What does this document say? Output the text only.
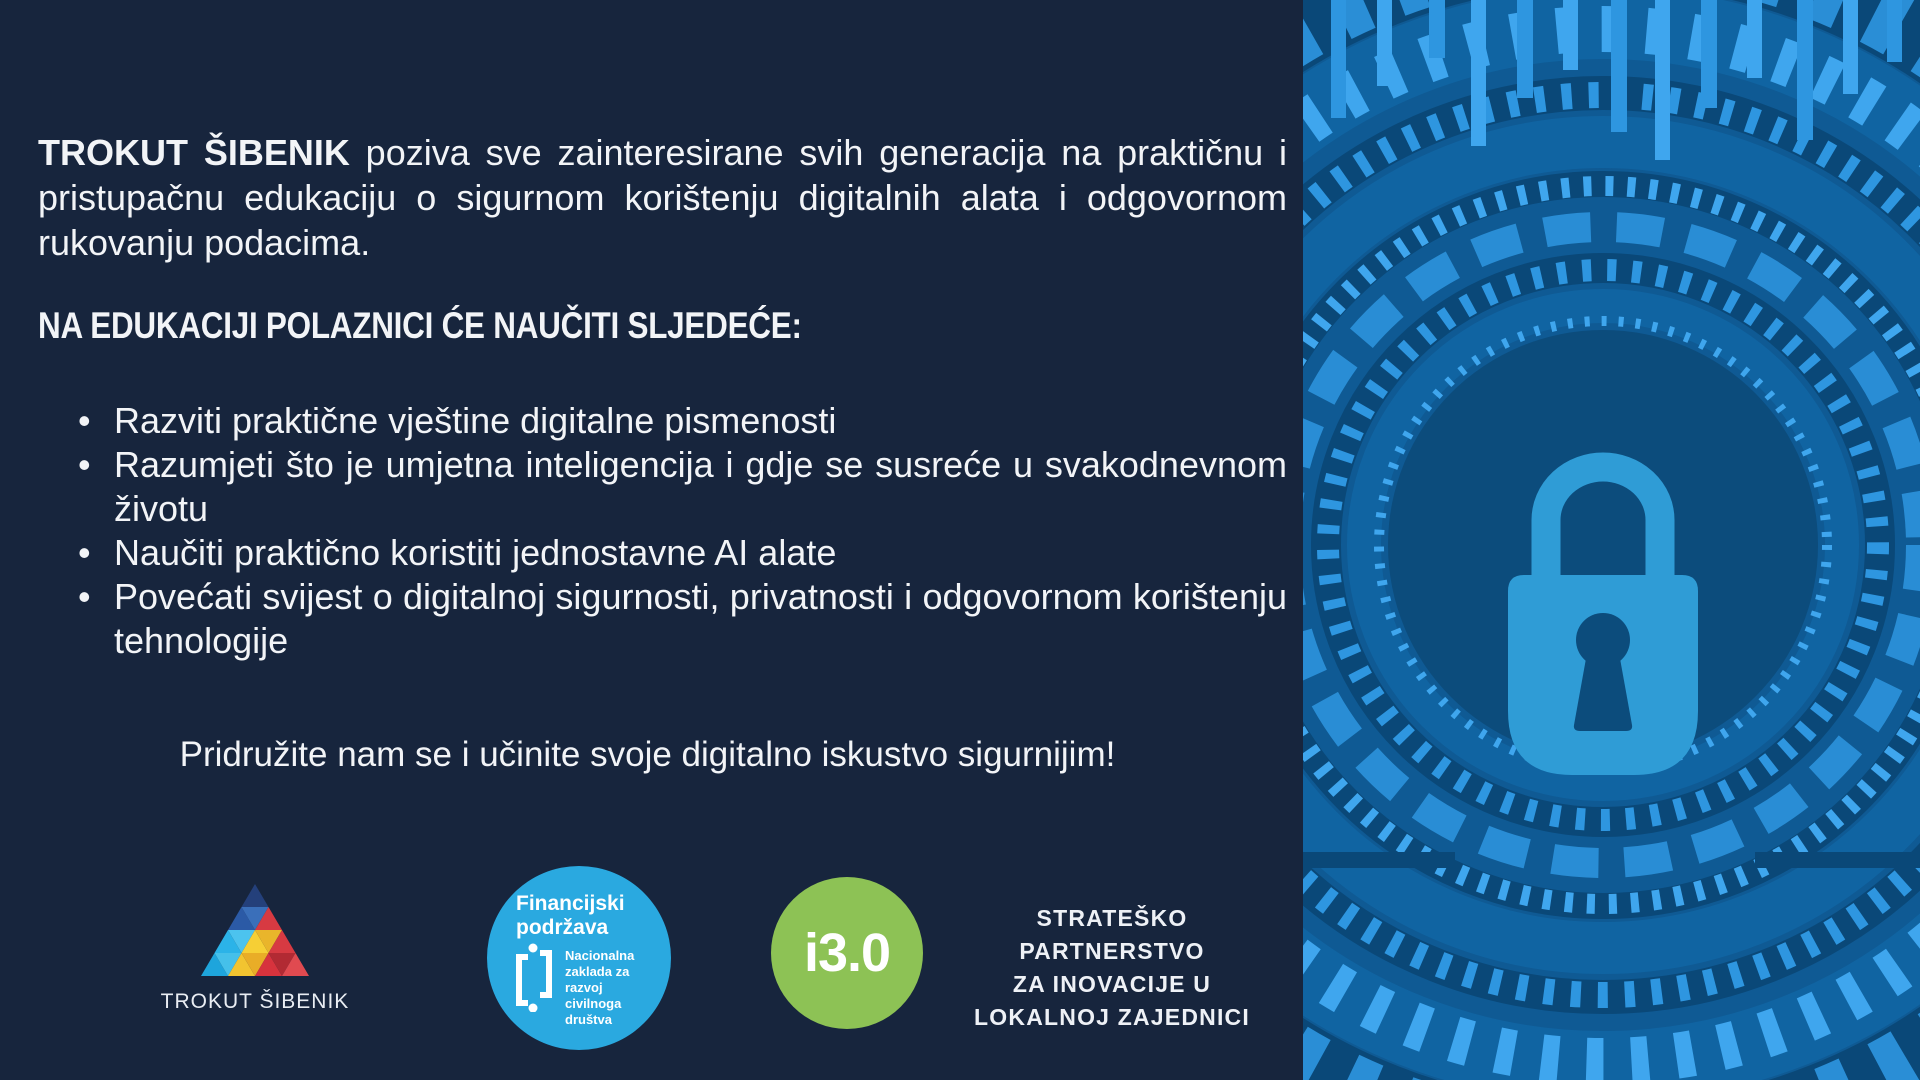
TROKUT ŠIBENIK poziva sve zainteresirane svih generacija na praktičnu i pristupačnu edukaciju o sigurnom korištenju digitalnih alata i odgovornom rukovanju podacima.

NA EDUKACIJI POLAZNICI ĆE NAUČITI SLJEDEĆE:
• Razviti praktične vještine digitalne pismenosti
• Razumjeti što je umjetna inteligencija i gdje se susreće u svakodnevnom životu
• Naučiti praktično koristiti jednostavne AI alate
• Povećati svijest o digitalnoj sigurnosti, privatnosti i odgovornom korištenju tehnologije

Pridružite nam se i učinite svoje digitalno iskustvo sigurnijim!

TROKUT ŠIBENIK
Financijski
podržava
Nacionalna
zaklada za
razvoj
civilnoga
društva
i3.0
STRATEŠKO PARTNERSTVO
ZA INOVACIJE U
LOKALNOJ ZAJEDNICI
